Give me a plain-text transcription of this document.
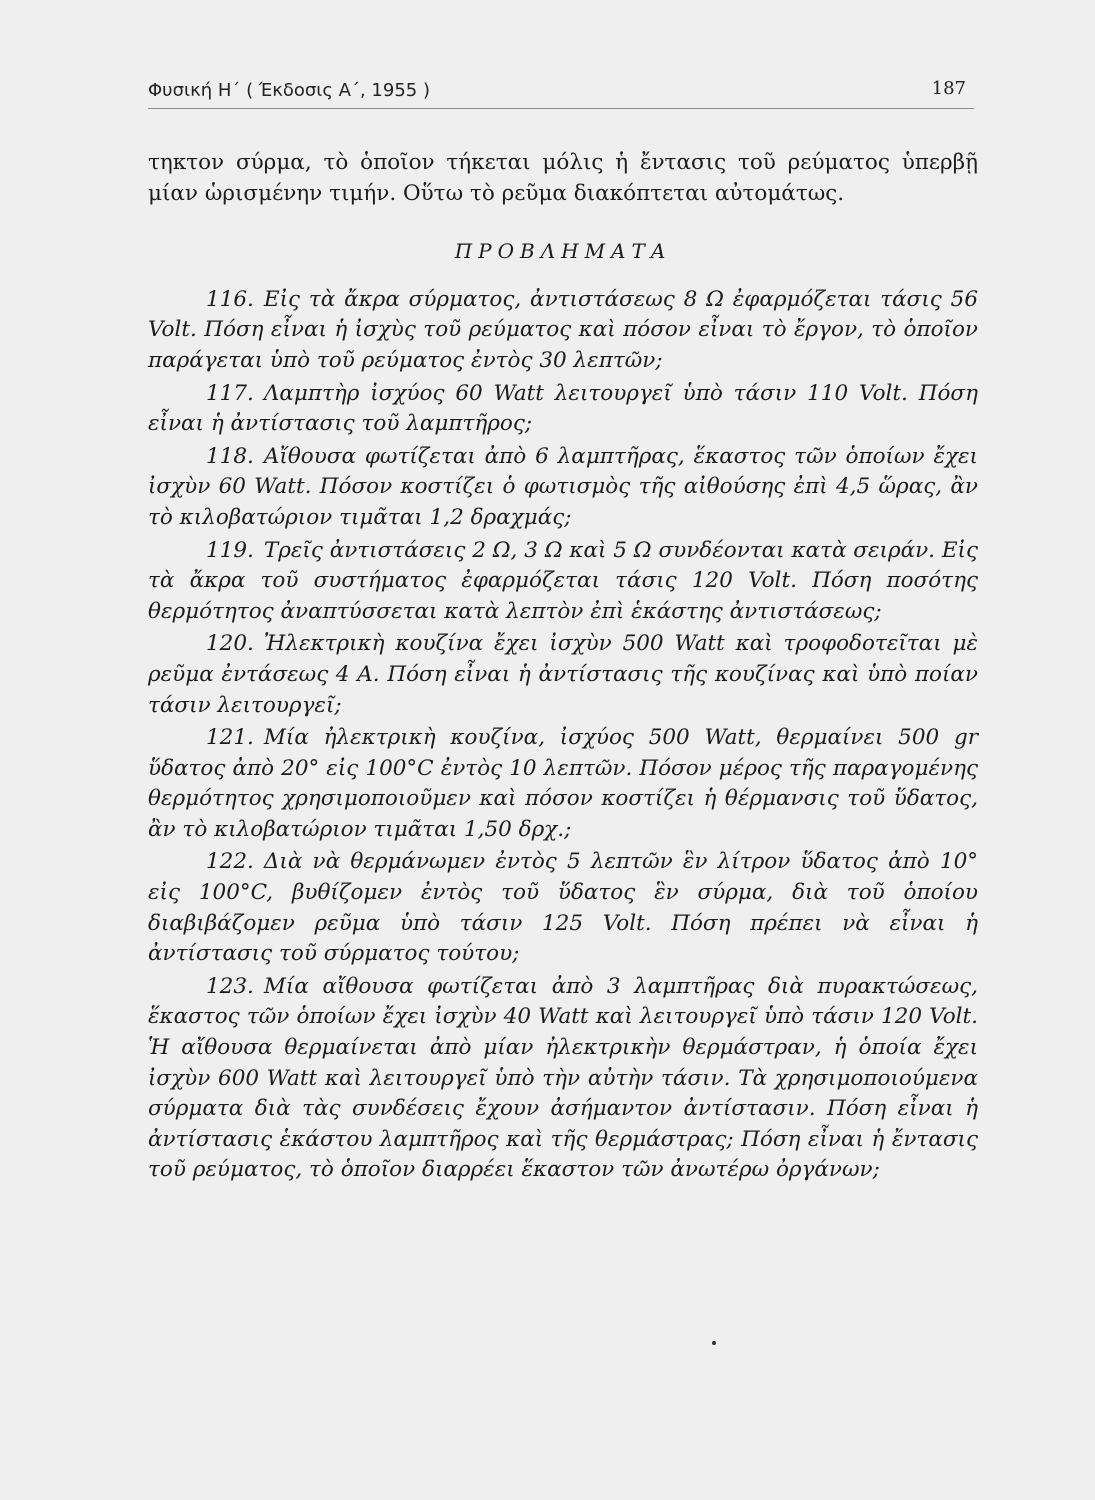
Φυσική Η΄ ( Έκδοσις Α΄, 1955 )	187

τηκτον σύρμα, τὸ ὁποῖον τήκεται μόλις ἡ ἔντασις τοῦ ρεύματος ὑπερβῇ μίαν ὡρισμένην τιμήν. Οὕτω τὸ ρεῦμα διακόπτεται αὐτομάτως.

ΠΡΟΒΛΗΜΑΤΑ
116. Εἰς τὰ ἄκρα σύρματος, ἀντιστάσεως 8 Ω ἐφαρμόζεται τάσις 56 Volt. Πόση εἶναι ἡ ἰσχὺς τοῦ ρεύματος καὶ πόσον εἶναι τὸ ἔργον, τὸ ὁποῖον παράγεται ὑπὸ τοῦ ρεύματος ἐντὸς 30 λεπτῶν;
117. Λαμπτὴρ ἰσχύος 60 Watt λειτουργεῖ ὑπὸ τάσιν 110 Volt. Πόση εἶναι ἡ ἀντίστασις τοῦ λαμπτῆρος;
118. Αἴθουσα φωτίζεται ἀπὸ 6 λαμπτῆρας, ἕκαστος τῶν ὁποίων ἔχει ἰσχὺν 60 Watt. Πόσον κοστίζει ὁ φωτισμὸς τῆς αἰθούσης ἐπὶ 4,5 ὥρας, ἂν τὸ κιλοβατώριον τιμᾶται 1,2 δραχμάς;
119. Τρεῖς ἀντιστάσεις 2 Ω, 3 Ω καὶ 5 Ω συνδέονται κατὰ σειράν. Εἰς τὰ ἄκρα τοῦ συστήματος ἐφαρμόζεται τάσις 120 Volt. Πόση ποσότης θερμότητος ἀναπτύσσεται κατὰ λεπτὸν ἐπὶ ἑκάστης ἀντιστάσεως;
120. Ἠλεκτρικὴ κουζίνα ἔχει ἰσχὺν 500 Watt καὶ τροφοδοτεῖται μὲ ρεῦμα ἐντάσεως 4 Α. Πόση εἶναι ἡ ἀντίστασις τῆς κουζίνας καὶ ὑπὸ ποίαν τάσιν λειτουργεῖ;
121. Μία ἠλεκτρικὴ κουζίνα, ἰσχύος 500 Watt, θερμαίνει 500 gr ὕδατος ἀπὸ 20° εἰς 100°C ἐντὸς 10 λεπτῶν. Πόσον μέρος τῆς παραγομένης θερμότητος χρησιμοποιοῦμεν καὶ πόσον κοστίζει ἡ θέρμανσις τοῦ ὕδατος, ἂν τὸ κιλοβατώριον τιμᾶται 1,50 δρχ.;
122. Διὰ νὰ θερμάνωμεν ἐντὸς 5 λεπτῶν ἓν λίτρον ὕδατος ἀπὸ 10° εἰς 100°C, βυθίζομεν ἐντὸς τοῦ ὕδατος ἓν σύρμα, διὰ τοῦ ὁποίου διαβιβάζομεν ρεῦμα ὑπὸ τάσιν 125 Volt. Πόση πρέπει νὰ εἶναι ἡ ἀντίστασις τοῦ σύρματος τούτου;
123. Μία αἴθουσα φωτίζεται ἀπὸ 3 λαμπτῆρας διὰ πυρακτώσεως, ἕκαστος τῶν ὁποίων ἔχει ἰσχὺν 40 Watt καὶ λειτουργεῖ ὑπὸ τάσιν 120 Volt. Ἡ αἴθουσα θερμαίνεται ἀπὸ μίαν ἠλεκτρικὴν θερμάστραν, ἡ ὁποία ἔχει ἰσχὺν 600 Watt καὶ λειτουργεῖ ὑπὸ τὴν αὐτὴν τάσιν. Τὰ χρησιμοποιούμενα σύρματα διὰ τὰς συνδέσεις ἔχουν ἀσήμαντον ἀντίστασιν. Πόση εἶναι ἡ ἀντίστασις ἑκάστου λαμπτῆρος καὶ τῆς θερμάστρας; Πόση εἶναι ἡ ἔντασις τοῦ ρεύματος, τὸ ὁποῖον διαρρέει ἕκαστον τῶν ἀνωτέρω ὀργάνων;
